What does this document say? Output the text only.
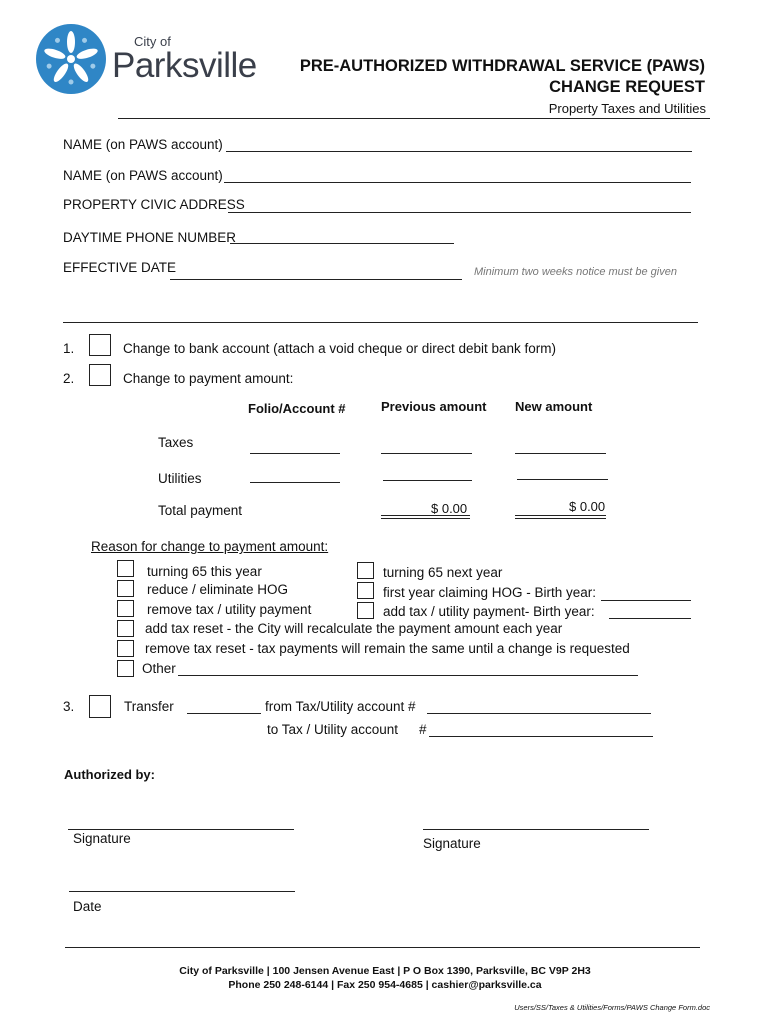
City of
Parksville	PRE-AUTHORIZED WITHDRAWAL SERVICE (PAWS)
CHANGE REQUEST
Property Taxes and Utilities
NAME (on PAWS account)
NAME (on PAWS account)
PROPERTY CIVIC ADDRESS
DAYTIME PHONE NUMBER
EFFECTIVE DATE	Minimum two weeks notice must be given
1.	Change to bank account (attach a void cheque or direct debit bank form)
2.	Change to payment amount:
Folio/Account #	Previous amount New amount
Taxes
Utilities
Total payment	$ 0.00	$ 0.00
Reason for change to payment amount:
turning 65 this year
reduce / eliminate HOG
remove tax / utility payment
turning 65 next year
first year claiming HOG - Birth year:
add tax / utility payment- Birth year:
add tax reset - the City will recalculate the payment amount each year
remove tax reset - tax payments will remain the same until a change is requested
Other
3.	Transfer	from Tax/Utility account #
to Tax / Utility account #
Authorized by:
Signature	Signature
Date
City of Parksville | 100 Jensen Avenue East | P O Box 1390, Parksville, BC V9P 2H3
Phone 250 248-6144 | Fax 250 954-4685 | cashier@parksville.ca
Users/SS/Taxes & Utilities/Forms/PAWS Change Form.doc
